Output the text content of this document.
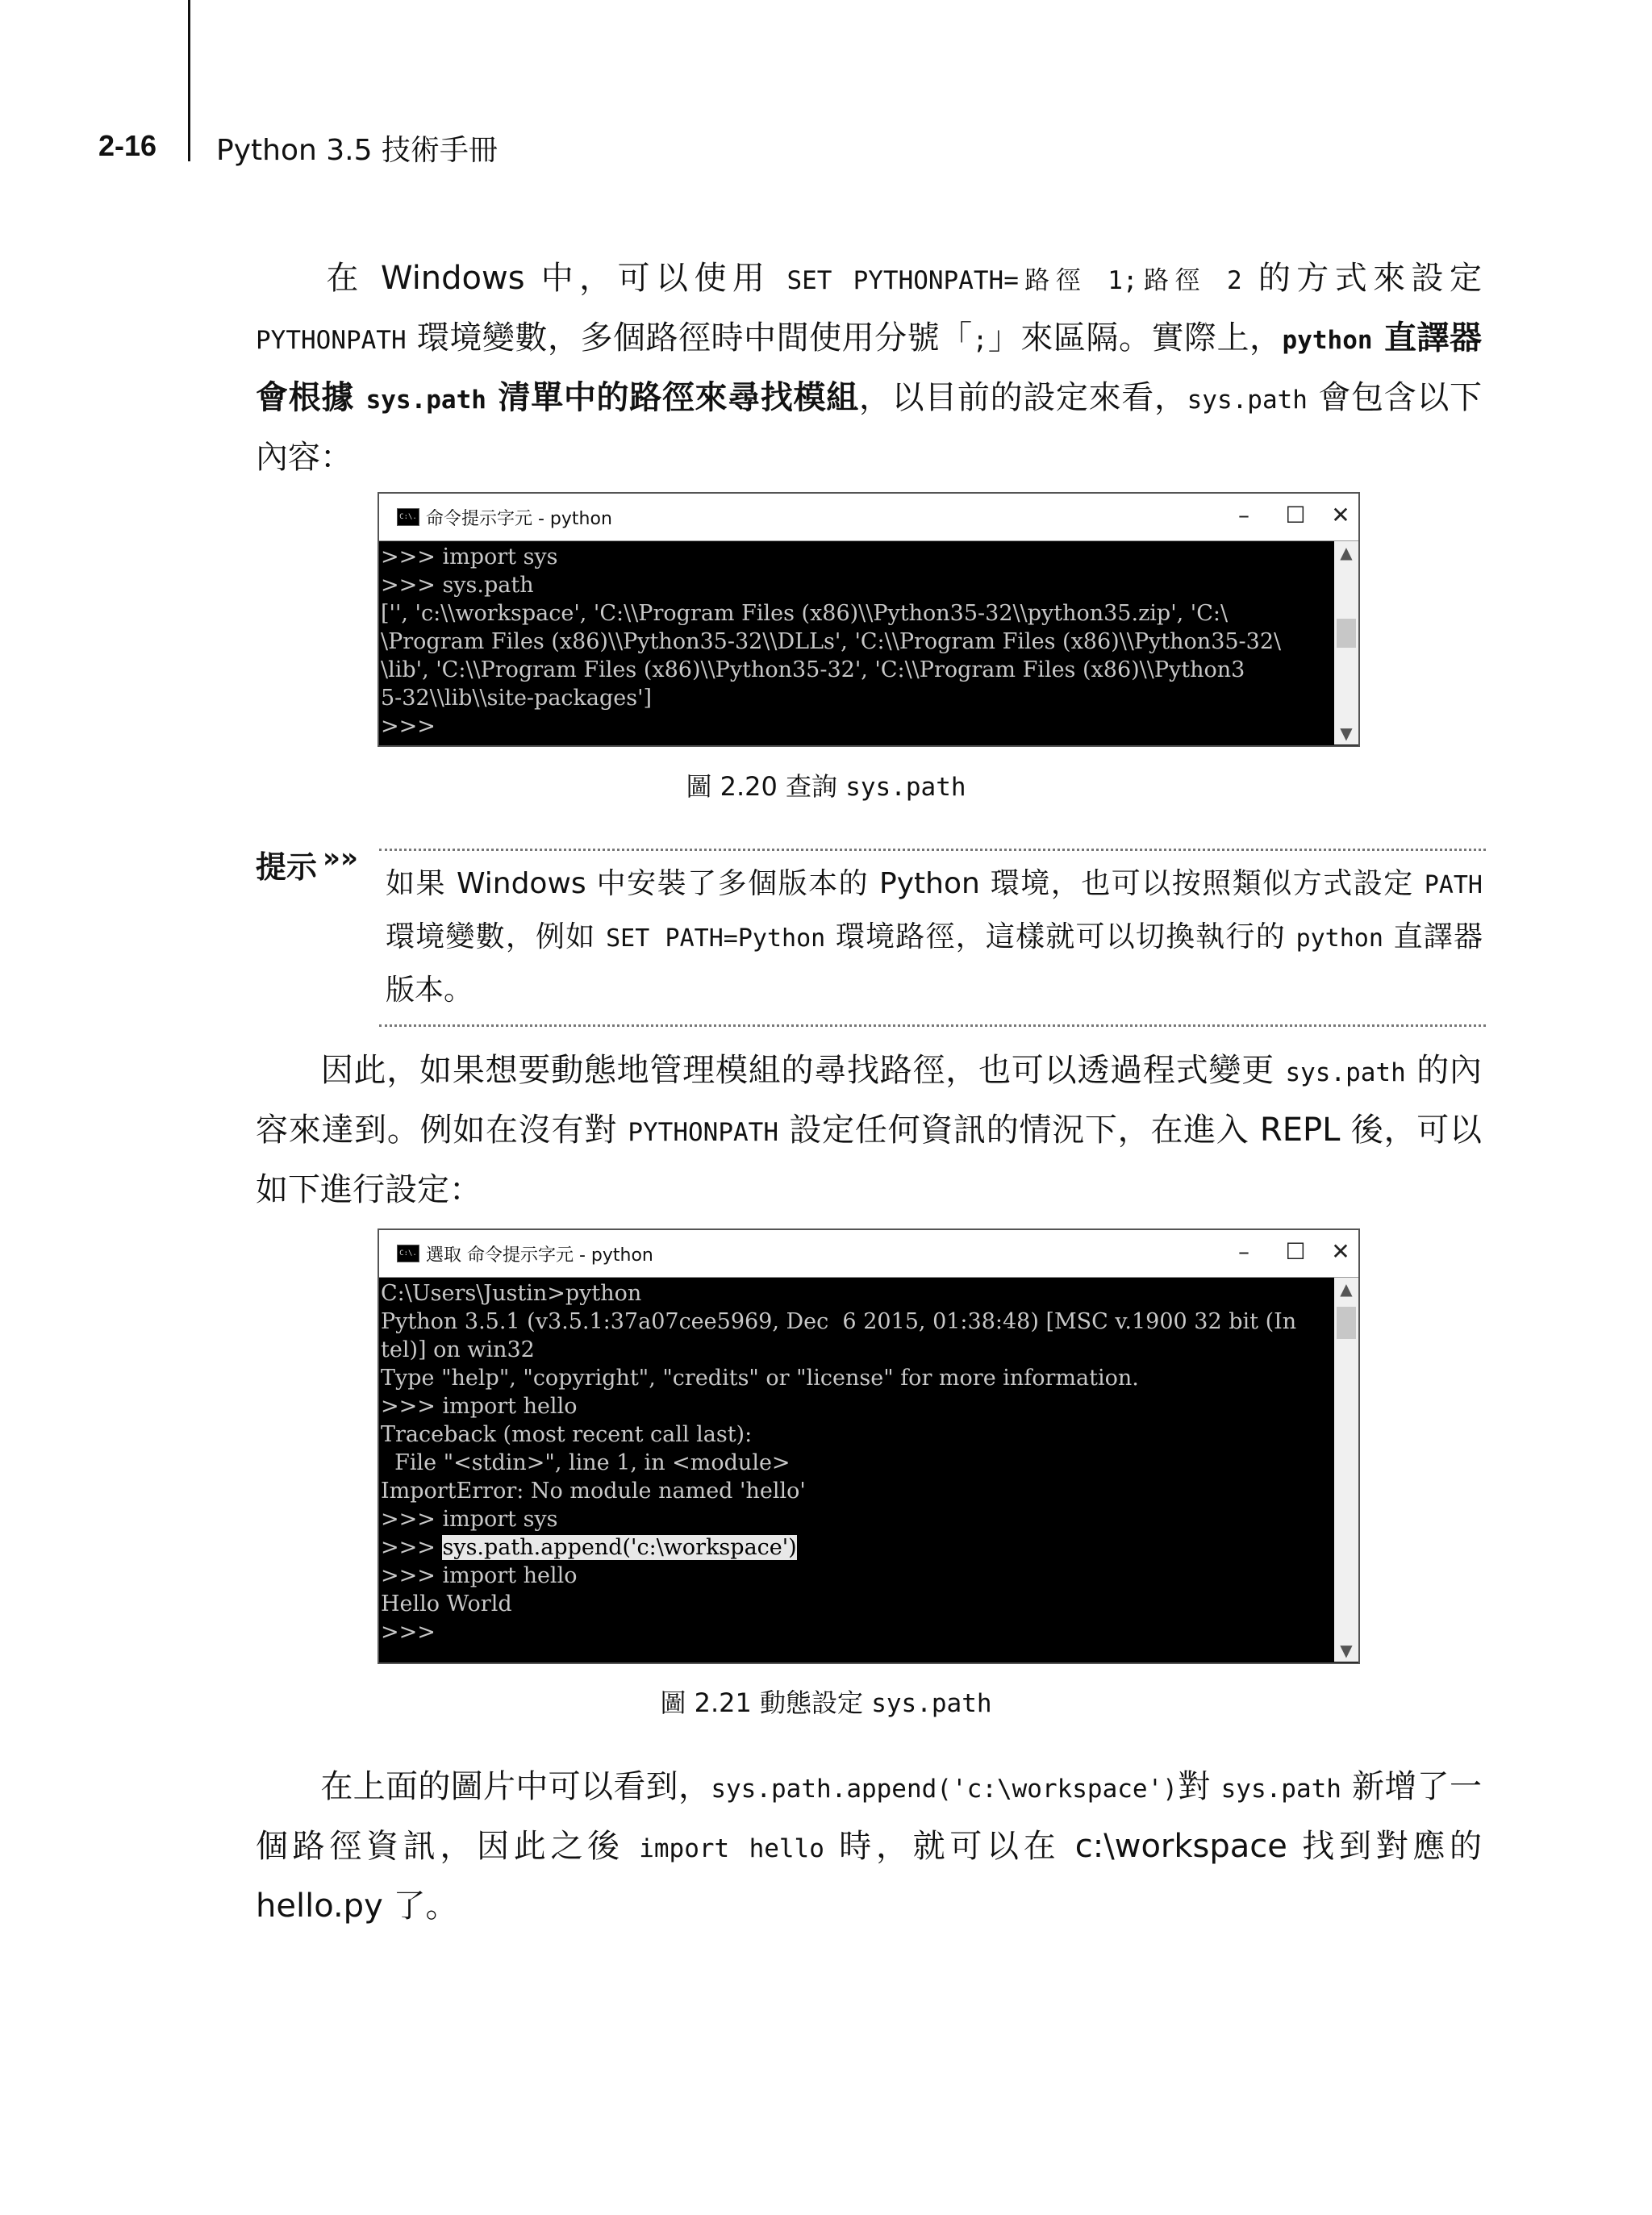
2-16 Python 3.5 技術手冊

在 Windows 中，可以使用 SET PYTHONPATH=路徑 1;路徑 2 的方式來設定 PYTHONPATH 環境變數，多個路徑時中間使用分號「;」來區隔。實際上，python 直譯器會根據 sys.path 清單中的路徑來尋找模組，以目前的設定來看，sys.path 會包含以下內容：

C:\. 命令提示字元 - python	–	☐ ✕
>>> import sys
>>> sys.path
['', 'c:\\workspace', 'C:\\Program Files (x86)\\Python35-32\\python35.zip', 'C:\
\Program Files (x86)\\Python35-32\\DLLs', 'C:\\Program Files (x86)\\Python35-32\
\lib', 'C:\\Program Files (x86)\\Python35-32', 'C:\\Program Files (x86)\\Python3
5-32\\lib\\site-packages']
>>>
▲
▼
圖 2.20 查詢 sys.path
提示 »»

如果 Windows 中安裝了多個版本的 Python 環境，也可以按照類似方式設定 PATH 環境變數，例如 SET PATH=Python 環境路徑，這樣就可以切換執行的 python 直譯器版本。

因此，如果想要動態地管理模組的尋找路徑，也可以透過程式變更 sys.path 的內容來達到。例如在沒有對 PYTHONPATH 設定任何資訊的情況下，在進入 REPL 後，可以如下進行設定：

C:\. 選取 命令提示字元 - python	–	☐ ✕
C:\Users\Justin>python
Python 3.5.1 (v3.5.1:37a07cee5969, Dec  6 2015, 01:38:48) [MSC v.1900 32 bit (In
tel)] on win32
Type "help", "copyright", "credits" or "license" for more information.
>>> import hello
Traceback (most recent call last):
File "<stdin>", line 1, in <module>
ImportError: No module named 'hello'
>>> import sys
>>> sys.path.append('c:\workspace')
>>> import hello
Hello World
>>>
▲
▼
圖 2.21 動態設定 sys.path

在上面的圖片中可以看到，sys.path.append('c:\workspace')對 sys.path 新增了一個路徑資訊，因此之後 import hello 時，就可以在 c:\workspace 找到對應的 hello.py 了。
